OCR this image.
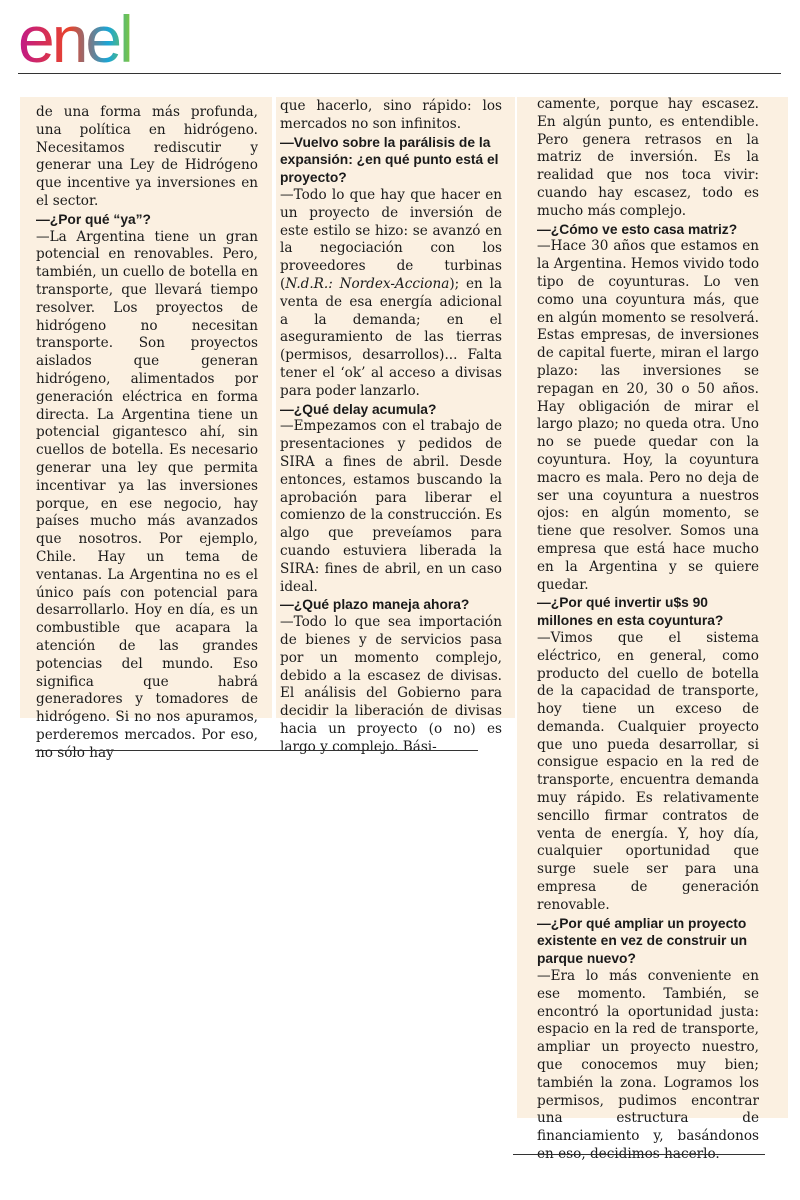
enel

de una forma más profunda, una política en hidrógeno. Necesitamos rediscutir y generar una Ley de Hidrógeno que incentive ya inversiones en el sector.

—¿Por qué “ya”?

—La Argentina tiene un gran potencial en renovables. Pero, también, un cuello de botella en transporte, que llevará tiempo resolver. Los proyectos de hidrógeno no necesitan transporte. Son proyectos aislados que generan hidrógeno, alimentados por generación eléctrica en forma directa. La Argentina tiene un potencial gigantesco ahí, sin cuellos de botella. Es necesario generar una ley que permita incentivar ya las inversiones porque, en ese negocio, hay países mucho más avanzados que nosotros. Por ejemplo, Chile. Hay un tema de ventanas. La Argentina no es el único país con potencial para desarrollarlo. Hoy en día, es un combustible que acapara la atención de las grandes potencias del mundo. Eso significa que habrá generadores y tomadores de hidrógeno. Si no nos apuramos, perderemos mercados. Por eso, no sólo hay

que hacerlo, sino rápido: los mercados no son infinitos.

—Vuelvo sobre la parálisis de la expansión: ¿en qué punto está el proyecto?

—Todo lo que hay que hacer en un proyecto de inversión de este estilo se hizo: se avanzó en la negociación con los proveedores de turbinas (N.d.R.: Nordex-Acciona); en la venta de esa energía adicional a la demanda; en el aseguramiento de las tierras (permisos, desarrollos)... Falta tener el ‘ok’ al acceso a divisas para poder lanzarlo.

—¿Qué delay acumula?

—Empezamos con el trabajo de presentaciones y pedidos de SIRA a fines de abril. Desde entonces, estamos buscando la aprobación para liberar el comienzo de la construcción. Es algo que preveíamos para cuando estuviera liberada la SIRA: fines de abril, en un caso ideal.

—¿Qué plazo maneja ahora?

—Todo lo que sea importación de bienes y de servicios pasa por un momento complejo, debido a la escasez de divisas. El análisis del Gobierno para decidir la liberación de divisas hacia un proyecto (o no) es largo y complejo. Bási-

camente, porque hay escasez. En algún punto, es entendible. Pero genera retrasos en la matriz de inversión. Es la realidad que nos toca vivir: cuando hay escasez, todo es mucho más complejo.

—¿Cómo ve esto casa matriz?

—Hace 30 años que estamos en la Argentina. Hemos vivido todo tipo de coyunturas. Lo ven como una coyuntura más, que en algún momento se resolverá. Estas empresas, de inversiones de capital fuerte, miran el largo plazo: las inversiones se repagan en 20, 30 o 50 años. Hay obligación de mirar el largo plazo; no queda otra. Uno no se puede quedar con la coyuntura. Hoy, la coyuntura macro es mala. Pero no deja de ser una coyuntura a nuestros ojos: en algún momento, se tiene que resolver. Somos una empresa que está hace mucho en la Argentina y se quiere quedar.

—¿Por qué invertir u$s 90 millones en esta coyuntura?

—Vimos que el sistema eléctrico, en general, como producto del cuello de botella de la capacidad de transporte, hoy tiene un exceso de demanda. Cualquier proyecto que uno pueda desarrollar, si consigue espacio en la red de transporte, encuentra demanda muy rápido. Es relativamente sencillo firmar contratos de venta de energía. Y, hoy día, cualquier oportunidad que surge suele ser para una empresa de generación renovable.

—¿Por qué ampliar un proyecto existente en vez de construir un parque nuevo?

—Era lo más conveniente en ese momento. También, se encontró la oportunidad justa: espacio en la red de transporte, ampliar un proyecto nuestro, que conocemos muy bien; también la zona. Logramos los permisos, pudimos encontrar una estructura de financiamiento y, basándonos en eso, decidimos hacerlo.
